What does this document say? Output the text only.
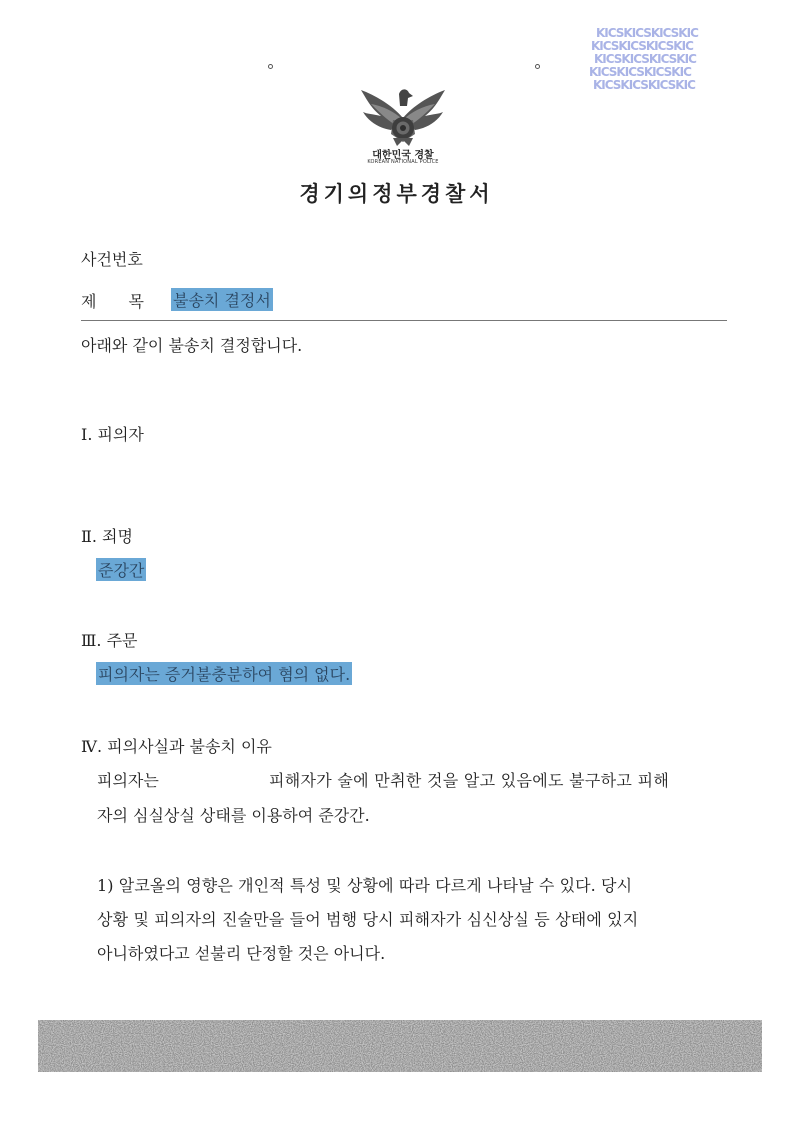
KICSKICSKICSKIC
KICSKICSKICSKIC
KICSKICSKICSKIC
KICSKICSKICSKIC
KICSKICSKICSKIC
대한민국 경찰
KOREAN NATIONAL POLICE
경기의정부경찰서
사건번호
제　　목 불송치 결정서
아래와 같이 불송치 결정합니다.
Ⅰ. 피의자
Ⅱ. 죄명
준강간
Ⅲ. 주문
피의자는 증거불충분하여 혐의 없다.
Ⅳ. 피의사실과 불송치 이유
피의자는	피해자가 술에 만취한 것을 알고 있음에도 불구하고 피해
자의 심실상실 상태를 이용하여 준강간.
1) 알코올의 영향은 개인적 특성 및 상황에 따라 다르게 나타날 수 있다. 당시
상황 및 피의자의 진술만을 들어 범행 당시 피해자가 심신상실 등 상태에 있지
아니하였다고 섣불리 단정할 것은 아니다.
